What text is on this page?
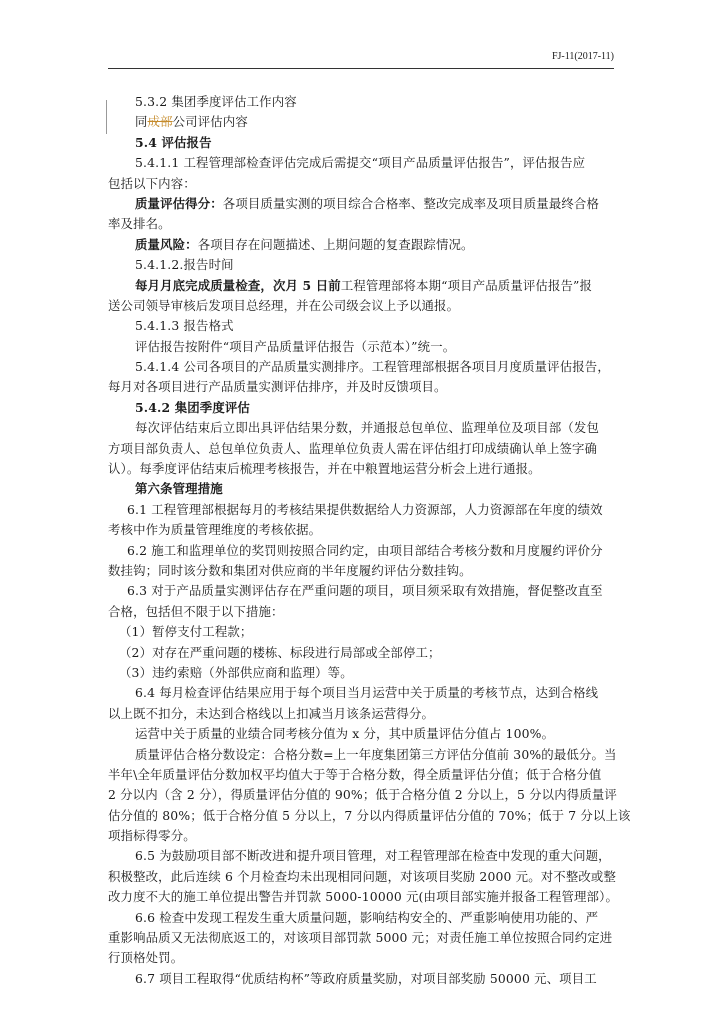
FJ-11(2017-11)
5.3.2 集团季度评估工作内容
同成部公司评估内容
5.4 评估报告
5.4.1.1 工程管理部检查评估完成后需提交“项目产品质量评估报告”，评估报告应
包括以下内容：
质量评估得分：各项目质量实测的项目综合合格率、整改完成率及项目质量最终合格
率及排名。
质量风险：各项目存在问题描述、上期问题的复查跟踪情况。
5.4.1.2.报告时间
每月月底完成质量检查，次月 5 日前工程管理部将本期“项目产品质量评估报告”报
送公司领导审核后发项目总经理，并在公司级会议上予以通报。
5.4.1.3 报告格式
评估报告按附件“项目产品质量评估报告（示范本）”统一。
5.4.1.4 公司各项目的产品质量实测排序。工程管理部根据各项目月度质量评估报告，
每月对各项目进行产品质量实测评估排序，并及时反馈项目。
5.4.2 集团季度评估
每次评估结束后立即出具评估结果分数，并通报总包单位、监理单位及项目部（发包
方项目部负责人、总包单位负责人、监理单位负责人需在评估组打印成绩确认单上签字确
认）。每季度评估结束后梳理考核报告，并在中粮置地运营分析会上进行通报。
第六条管理措施
6.1 工程管理部根据每月的考核结果提供数据给人力资源部，人力资源部在年度的绩效
考核中作为质量管理维度的考核依据。
6.2 施工和监理单位的奖罚则按照合同约定，由项目部结合考核分数和月度履约评价分
数挂钩；同时该分数和集团对供应商的半年度履约评估分数挂钩。
6.3 对于产品质量实测评估存在严重问题的项目，项目须采取有效措施，督促整改直至
合格，包括但不限于以下措施：
（1）暂停支付工程款；
（2）对存在严重问题的楼栋、标段进行局部或全部停工；
（3）违约索赔（外部供应商和监理）等。
6.4 每月检查评估结果应用于每个项目当月运营中关于质量的考核节点，达到合格线
以上既不扣分，未达到合格线以上扣减当月该条运营得分。
运营中关于质量的业绩合同考核分值为 x 分，其中质量评估分值占 100%。
质量评估合格分数设定：合格分数=上一年度集团第三方评估分值前 30%的最低分。当
半年\全年质量评估分数加权平均值大于等于合格分数，得全质量评估分值；低于合格分值
2 分以内（含 2 分），得质量评估分值的 90%；低于合格分值 2 分以上，5 分以内得质量评
估分值的 80%；低于合格分值 5 分以上，7 分以内得质量评估分值的 70%；低于 7 分以上该
项指标得零分。
6.5 为鼓励项目部不断改进和提升项目管理，对工程管理部在检查中发现的重大问题，
积极整改，此后连续 6 个月检查均未出现相同问题，对该项目奖励 2000 元。对不整改或整
改力度不大的施工单位提出警告并罚款 5000-10000 元(由项目部实施并报备工程管理部）。
6.6 检查中发现工程发生重大质量问题，影响结构安全的、严重影响使用功能的、严
重影响品质又无法彻底返工的，对该项目部罚款 5000 元；对责任施工单位按照合同约定进
行顶格处罚。
6.7 项目工程取得“优质结构杯”等政府质量奖励，对项目部奖励 50000 元、项目工
